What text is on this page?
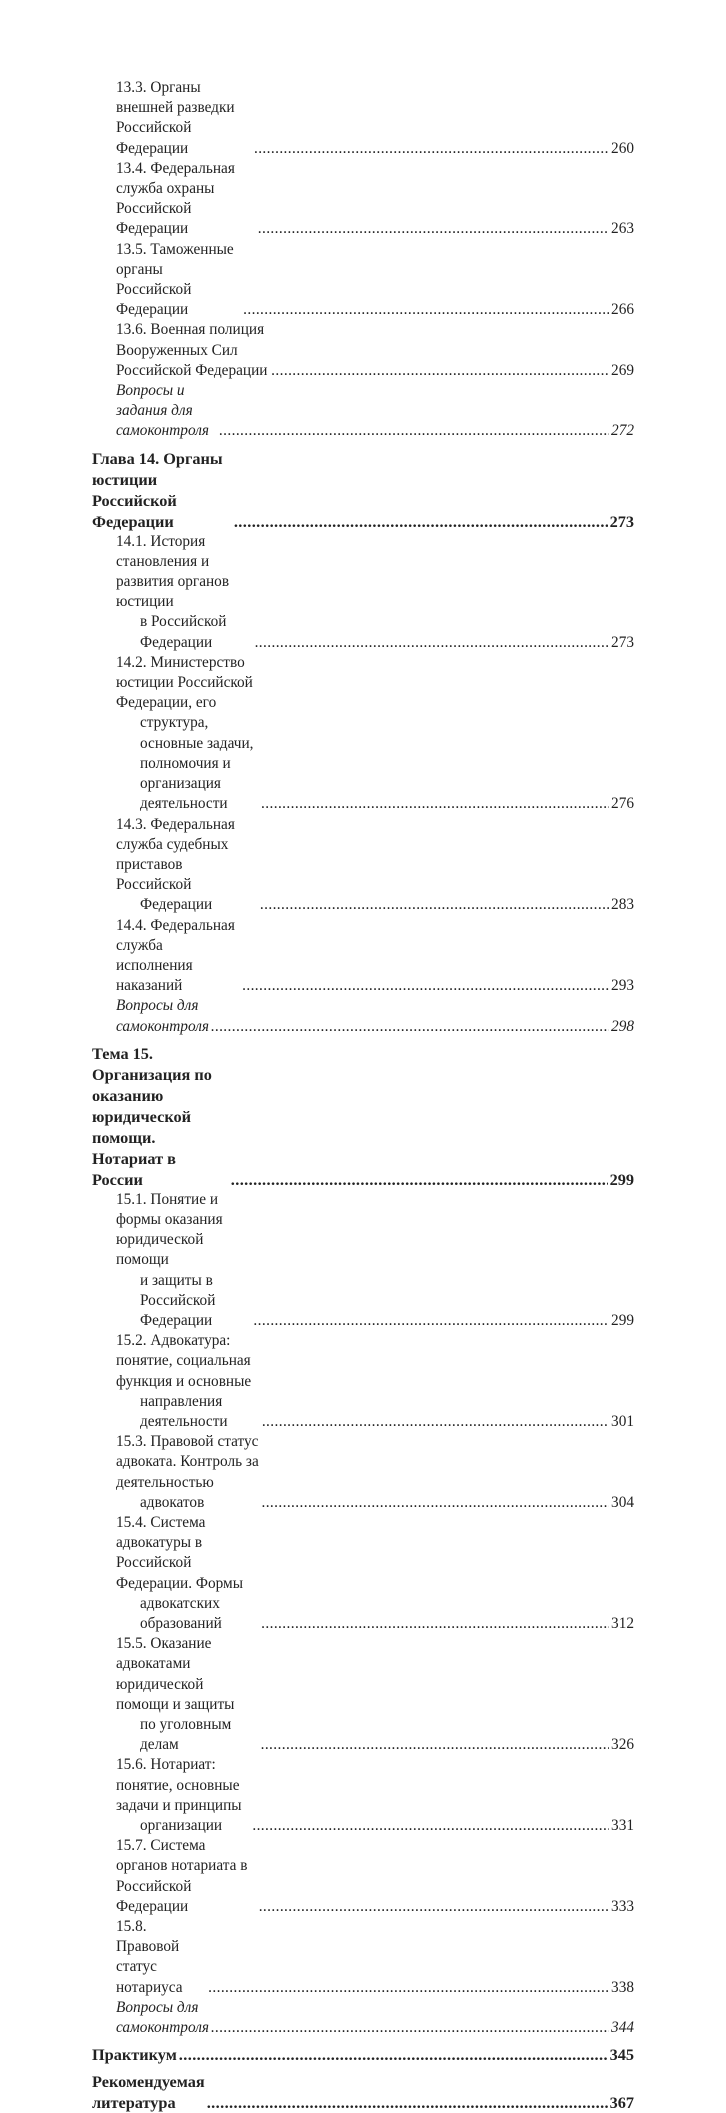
13.3. Органы внешней разведки Российской Федерации .....	260
13.4. Федеральная служба охраны Российской Федерации .....	263
13.5. Таможенные органы Российской Федерации .....	266
13.6. Военная полиция Вооруженных Сил Российской Федерации .....	269
Вопросы и задания для самоконтроля .....	272
Глава 14. Органы юстиции Российской Федерации .....	273
14.1. История становления и развития органов юстиции
в Российской Федерации .....	273
14.2. Министерство юстиции Российской Федерации, его
структура, основные задачи, полномочия и организация
деятельности .....	276
14.3. Федеральная служба судебных приставов Российской
Федерации .....	283
14.4. Федеральная служба исполнения наказаний .....	293
Вопросы для самоконтроля .....	298
Тема 15. Организация по оказанию юридической
помощи. Нотариат в России .....	299
15.1. Понятие и формы оказания юридической помощи
и защиты в Российской Федерации .....	299
15.2. Адвокатура: понятие, социальная функция и основные
направления деятельности .....	301
15.3. Правовой статус адвоката. Контроль за деятельностью
адвокатов .....	304
15.4. Система адвокатуры в Российской Федерации. Формы
адвокатских образований .....	312
15.5. Оказание адвокатами юридической помощи и защиты
по уголовным делам .....	326
15.6. Нотариат: понятие, основные задачи и принципы
организации .....	331
15.7. Система органов нотариата в Российской Федерации .....	333
15.8. Правовой статус нотариуса .....	338
Вопросы для самоконтроля .....	344
Практикум .....	345
Рекомендуемая литература .....	367
